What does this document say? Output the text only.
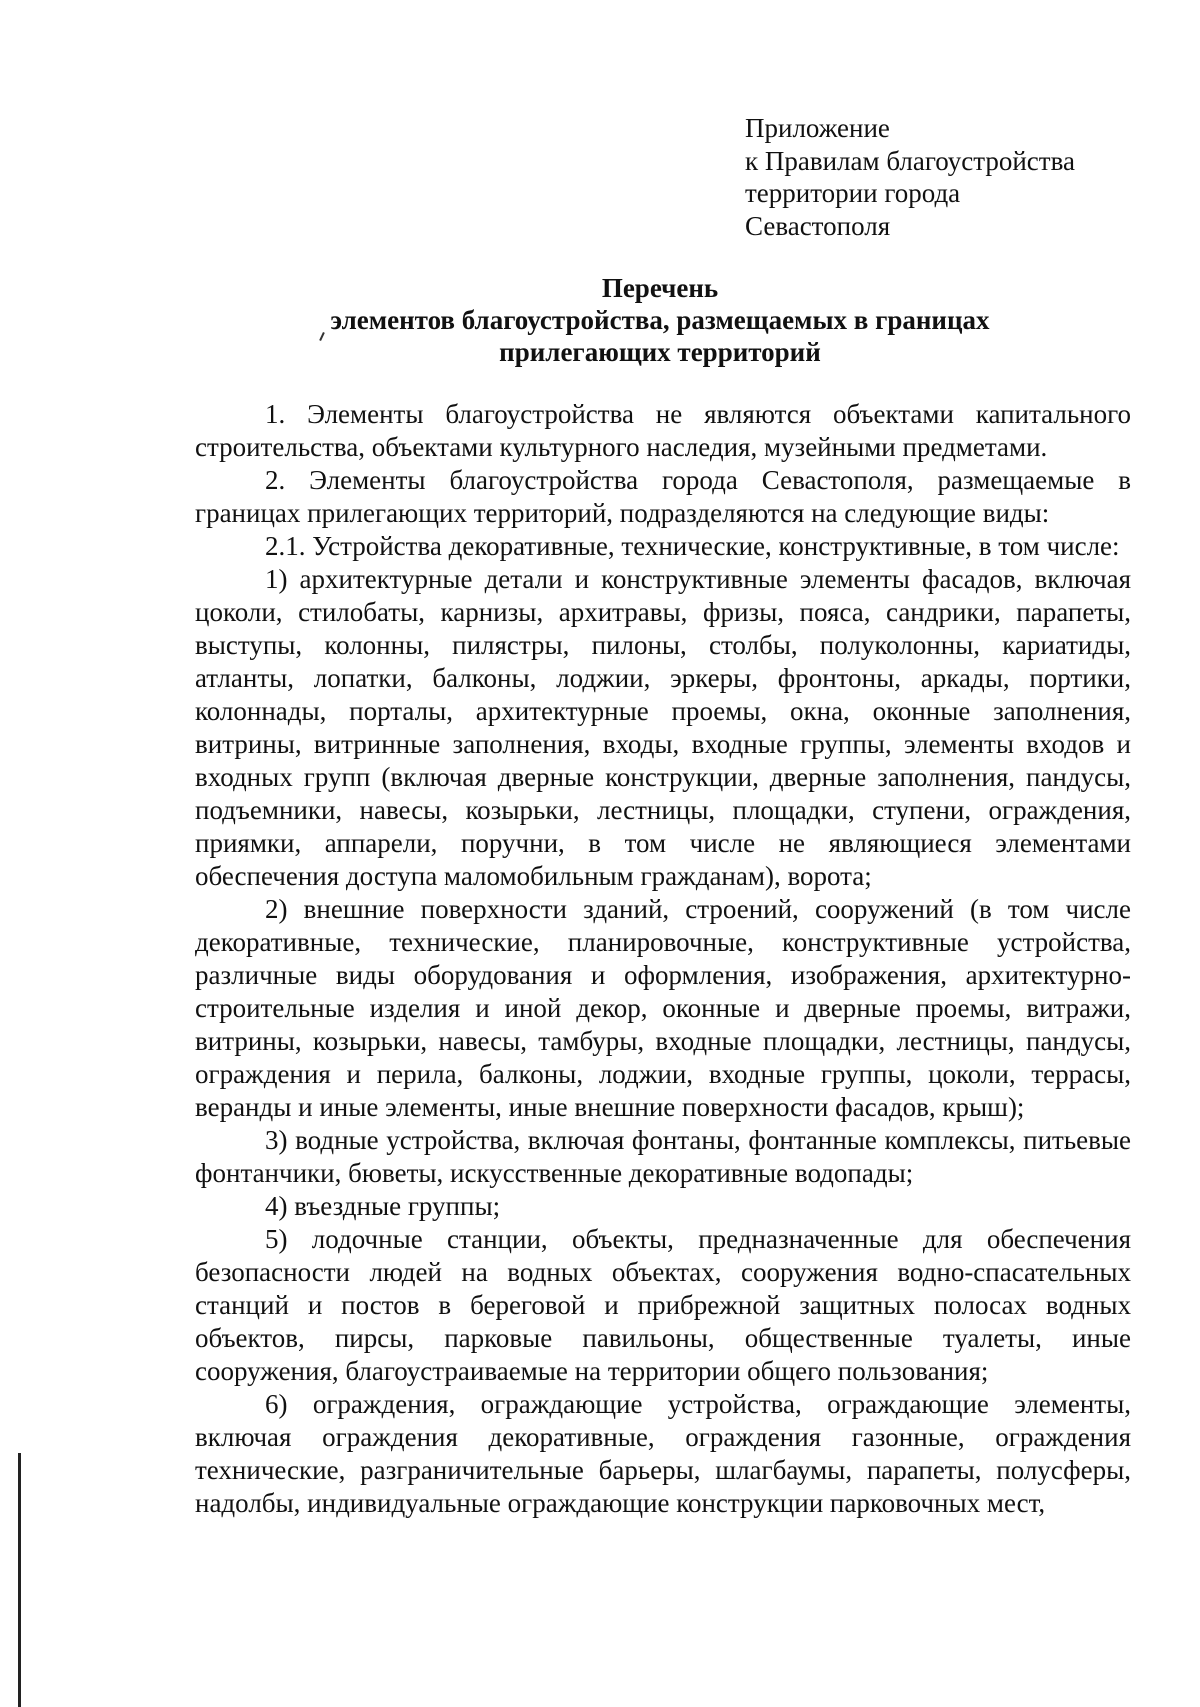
Приложение
к Правилам благоустройства
территории города
Севастополя
Перечень
элементов благоустройства, размещаемых в границах
прилегающих территорий

1. Элементы благоустройства не являются объектами капитального строительства, объектами культурного наследия, музейными предметами.

2. Элементы благоустройства города Севастополя, размещаемые в границах прилегающих территорий, подразделяются на следующие виды:

2.1. Устройства декоративные, технические, конструктивные, в том числе:

1) архитектурные детали и конструктивные элементы фасадов, включая цоколи, стилобаты, карнизы, архитравы, фризы, пояса, сандрики, парапеты, выступы, колонны, пилястры, пилоны, столбы, полуколонны, кариатиды, атланты, лопатки, балконы, лоджии, эркеры, фронтоны, аркады, портики, колоннады, порталы, архитектурные проемы, окна, оконные заполнения, витрины, витринные заполнения, входы, входные группы, элементы входов и входных групп (включая дверные конструкции, дверные заполнения, пандусы, подъемники, навесы, козырьки, лестницы, площадки, ступени, ограждения, приямки, аппарели, поручни, в том числе не являющиеся элементами обеспечения доступа маломобильным гражданам), ворота;

2) внешние поверхности зданий, строений, сооружений (в том числе декоративные, технические, планировочные, конструктивные устройства, различные виды оборудования и оформления, изображения, архитектурно-строительные изделия и иной декор, оконные и дверные проемы, витражи, витрины, козырьки, навесы, тамбуры, входные площадки, лестницы, пандусы, ограждения и перила, балконы, лоджии, входные группы, цоколи, террасы, веранды и иные элементы, иные внешние поверхности фасадов, крыш);

3) водные устройства, включая фонтаны, фонтанные комплексы, питьевые фонтанчики, бюветы, искусственные декоративные водопады;

4) въездные группы;

5) лодочные станции, объекты, предназначенные для обеспечения безопасности людей на водных объектах, сооружения водно-спасательных станций и постов в береговой и прибрежной защитных полосах водных объектов, пирсы, парковые павильоны, общественные туалеты, иные сооружения, благоустраиваемые на территории общего пользования;

6) ограждения, ограждающие устройства, ограждающие элементы, включая ограждения декоративные, ограждения газонные, ограждения технические, разграничительные барьеры, шлагбаумы, парапеты, полусферы, надолбы, индивидуальные ограждающие конструкции парковочных мест,
